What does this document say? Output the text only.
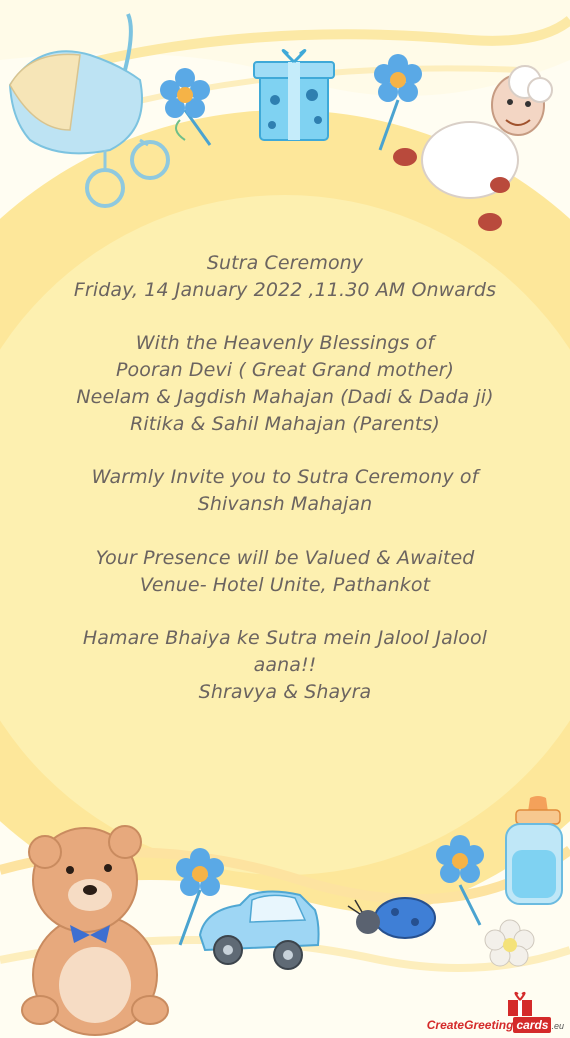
Sutra Ceremony
Friday, 14 January 2022 ,11.30 AM Onwards
With the Heavenly Blessings of
Pooran Devi ( Great Grand mother)
Neelam & Jagdish Mahajan (Dadi & Dada ji)
Ritika & Sahil Mahajan (Parents)
Warmly Invite you to Sutra Ceremony of
Shivansh Mahajan
Your Presence will be Valued & Awaited
Venue- Hotel Unite, Pathankot
Hamare Bhaiya ke Sutra mein Jalool Jalool
aana!!
Shravya & Shayra
CreateGreeting cards .eu
